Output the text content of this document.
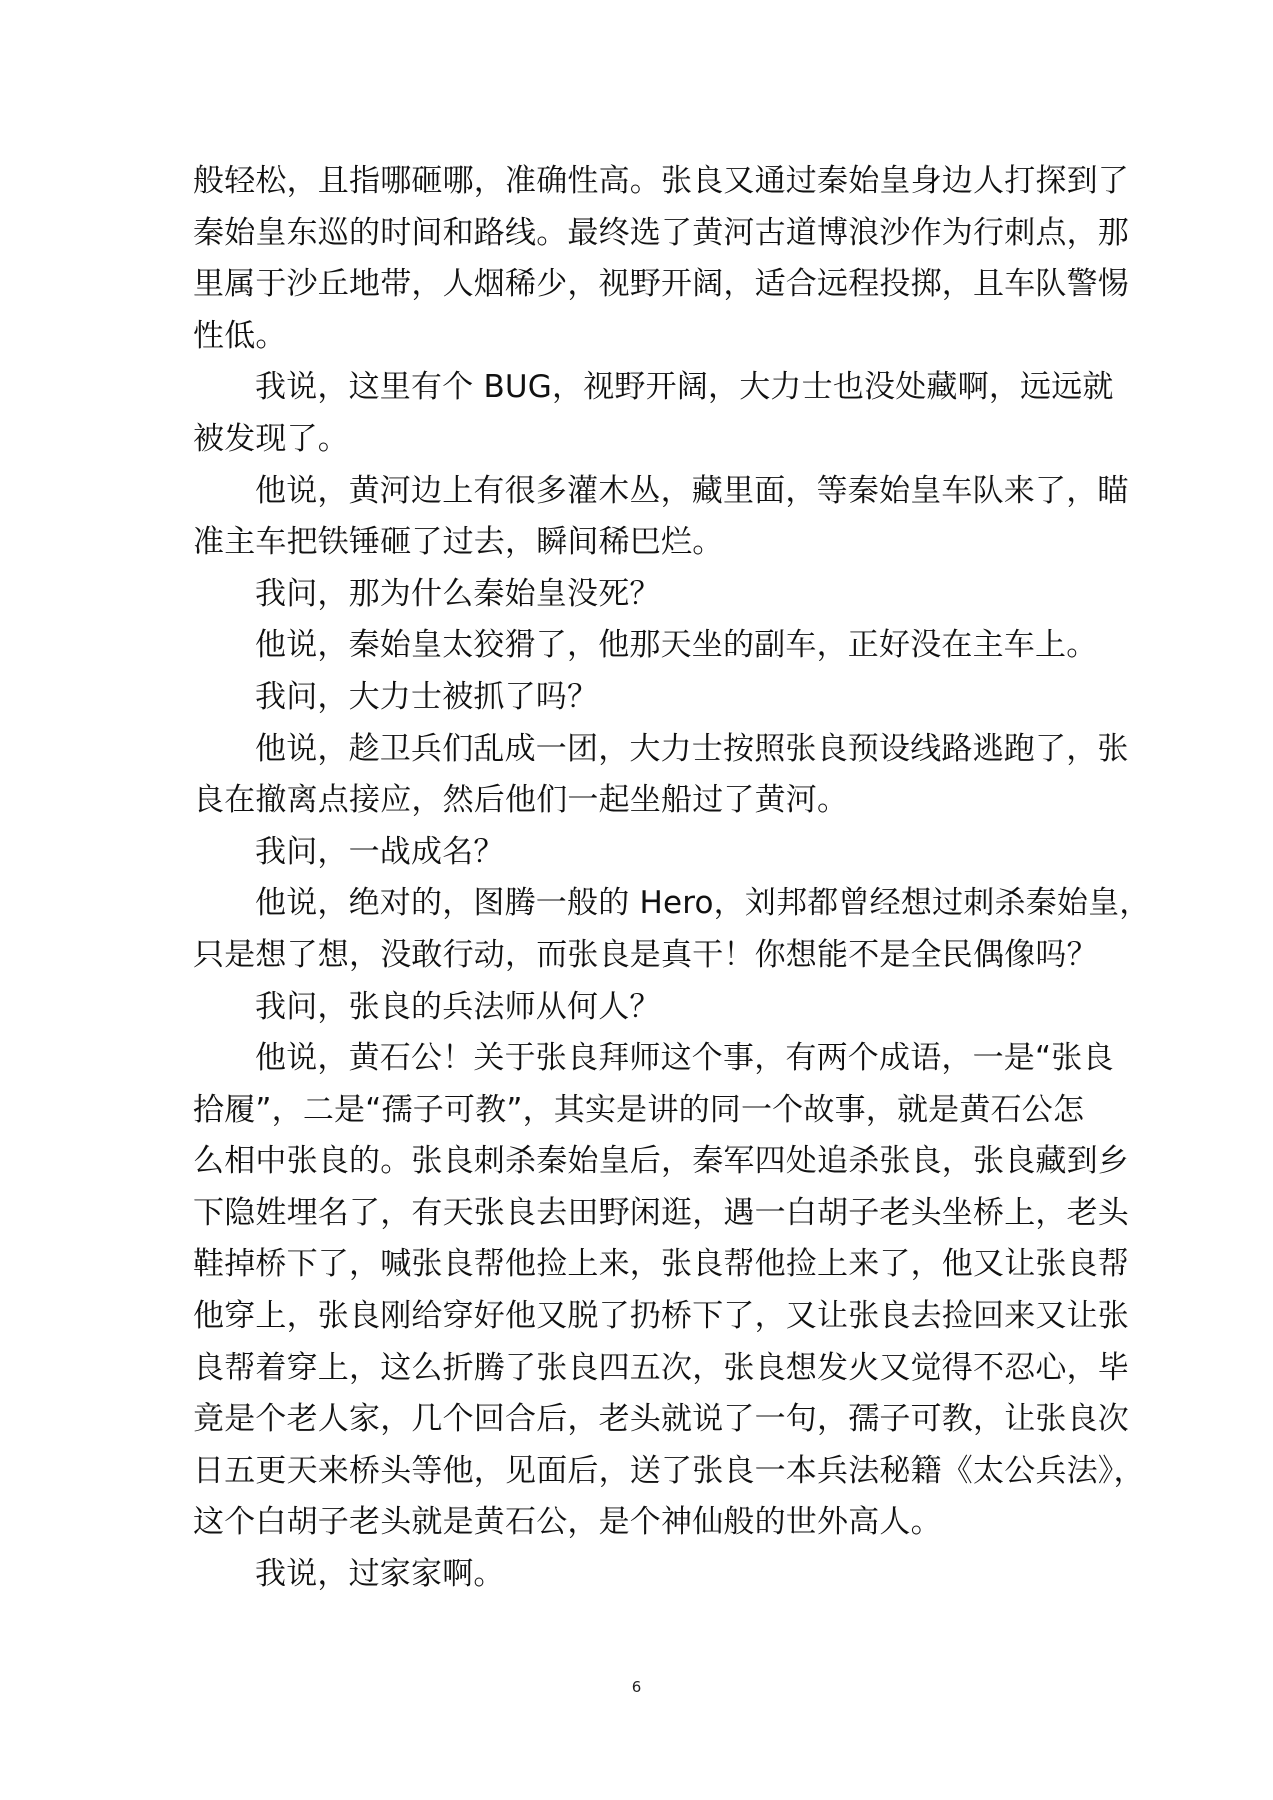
般轻松，且指哪砸哪，准确性高。张良又通过秦始皇身边人打探到了
秦始皇东巡的时间和路线。最终选了黄河古道博浪沙作为行刺点，那
里属于沙丘地带，人烟稀少，视野开阔，适合远程投掷，且车队警惕
性低。

我说，这里有个 BUG，视野开阔，大力士也没处藏啊，远远就
被发现了。

他说，黄河边上有很多灌木丛，藏里面，等秦始皇车队来了，瞄
准主车把铁锤砸了过去，瞬间稀巴烂。

我问，那为什么秦始皇没死？

他说，秦始皇太狡猾了，他那天坐的副车，正好没在主车上。

我问，大力士被抓了吗？

他说，趁卫兵们乱成一团，大力士按照张良预设线路逃跑了，张
良在撤离点接应，然后他们一起坐船过了黄河。

我问，一战成名？

他说，绝对的，图腾一般的 Hero，刘邦都曾经想过刺杀秦始皇，
只是想了想，没敢行动，而张良是真干！你想能不是全民偶像吗？

我问，张良的兵法师从何人？

他说，黄石公！关于张良拜师这个事，有两个成语，一是“张良
拾履”，二是“孺子可教”，其实是讲的同一个故事，就是黄石公怎
么相中张良的。张良刺杀秦始皇后，秦军四处追杀张良，张良藏到乡
下隐姓埋名了，有天张良去田野闲逛，遇一白胡子老头坐桥上，老头
鞋掉桥下了，喊张良帮他捡上来，张良帮他捡上来了，他又让张良帮
他穿上，张良刚给穿好他又脱了扔桥下了，又让张良去捡回来又让张
良帮着穿上，这么折腾了张良四五次，张良想发火又觉得不忍心，毕
竟是个老人家，几个回合后，老头就说了一句，孺子可教，让张良次
日五更天来桥头等他，见面后，送了张良一本兵法秘籍《太公兵法》，
这个白胡子老头就是黄石公，是个神仙般的世外高人。

我说，过家家啊。

6
